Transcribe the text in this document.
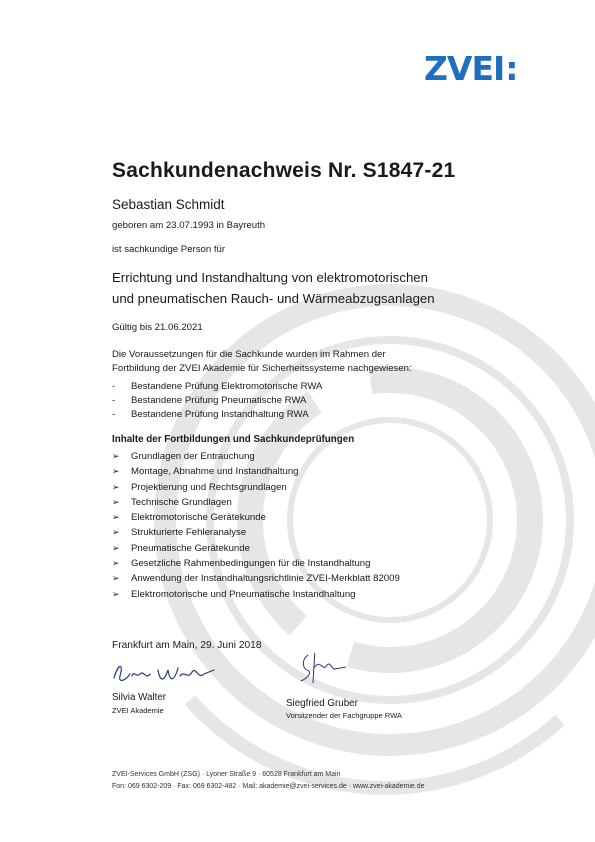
ZVEI:
Sachkundenachweis Nr. S1847-21
Sebastian Schmidt
geboren am 23.07.1993 in Bayreuth
ist sachkundige Person für
Errichtung und Instandhaltung von elektromotorischen
und pneumatischen Rauch- und Wärmeabzugsanlagen
Gültig bis 21.06.2021
Die Voraussetzungen für die Sachkunde wurden im Rahmen der
Fortbildung der ZVEI Akademie für Sicherheitssysteme nachgewiesen:
- Bestandene Prüfung Elektromotorische RWA
- Bestandene Prüfung Pneumatische RWA
- Bestandene Prüfung Instandhaltung RWA
Inhalte der Fortbildungen und Sachkundeprüfungen
➢ Grundlagen der Entrauchung
➢ Montage, Abnahme und Instandhaltung
➢ Projektierung und Rechtsgrundlagen
➢ Technische Grundlagen
➢ Elektromotorische Gerätekunde
➢ Strukturierte Fehleranalyse
➢ Pneumatische Gerätekunde
➢ Gesetzliche Rahmenbedingungen für die Instandhaltung
➢ Anwendung der Instandhaltungsrichtlinie ZVEI-Merkblatt 82009
➢ Elektromotorische und Pneumatische Instandhaltung
Frankfurt am Main, 29. Juni 2018
Silvia Walter
ZVEI Akademie
Siegfried Gruber
Vorsitzender der Fachgruppe RWA
ZVEI-Services GmbH (ZSG) · Lyoner Straße 9 · 60528 Frankfurt am Main
Fon: 069 6302-209 · Fax: 069 6302-482 · Mail: akademie@zvei-services.de · www.zvei-akademie.de
